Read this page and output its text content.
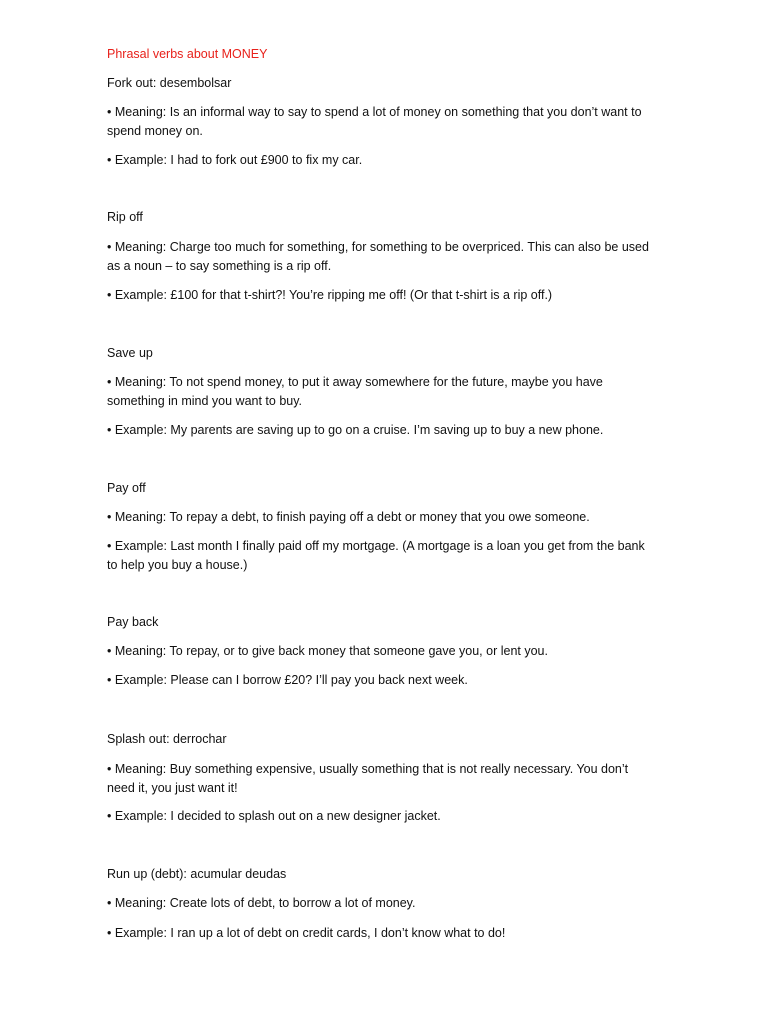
Phrasal verbs about MONEY
Fork out: desembolsar
• Meaning: Is an informal way to say to spend a lot of money on something that you don’t want to
spend money on.
• Example: I had to fork out £900 to fix my car.
Rip off
• Meaning: Charge too much for something, for something to be overpriced. This can also be used
as a noun – to say something is a rip off.
• Example: £100 for that t-shirt?! You’re ripping me off! (Or that t-shirt is a rip off.)
Save up
• Meaning: To not spend money, to put it away somewhere for the future, maybe you have
something in mind you want to buy.
• Example: My parents are saving up to go on a cruise. I’m saving up to buy a new phone.
Pay off
• Meaning: To repay a debt, to finish paying off a debt or money that you owe someone.
• Example: Last month I finally paid off my mortgage. (A mortgage is a loan you get from the bank
to help you buy a house.)
Pay back
• Meaning: To repay, or to give back money that someone gave you, or lent you.
• Example: Please can I borrow £20? I’ll pay you back next week.
Splash out: derrochar
• Meaning: Buy something expensive, usually something that is not really necessary. You don’t
need it, you just want it!
• Example: I decided to splash out on a new designer jacket.
Run up (debt): acumular deudas
• Meaning: Create lots of debt, to borrow a lot of money.
• Example: I ran up a lot of debt on credit cards, I don’t know what to do!
